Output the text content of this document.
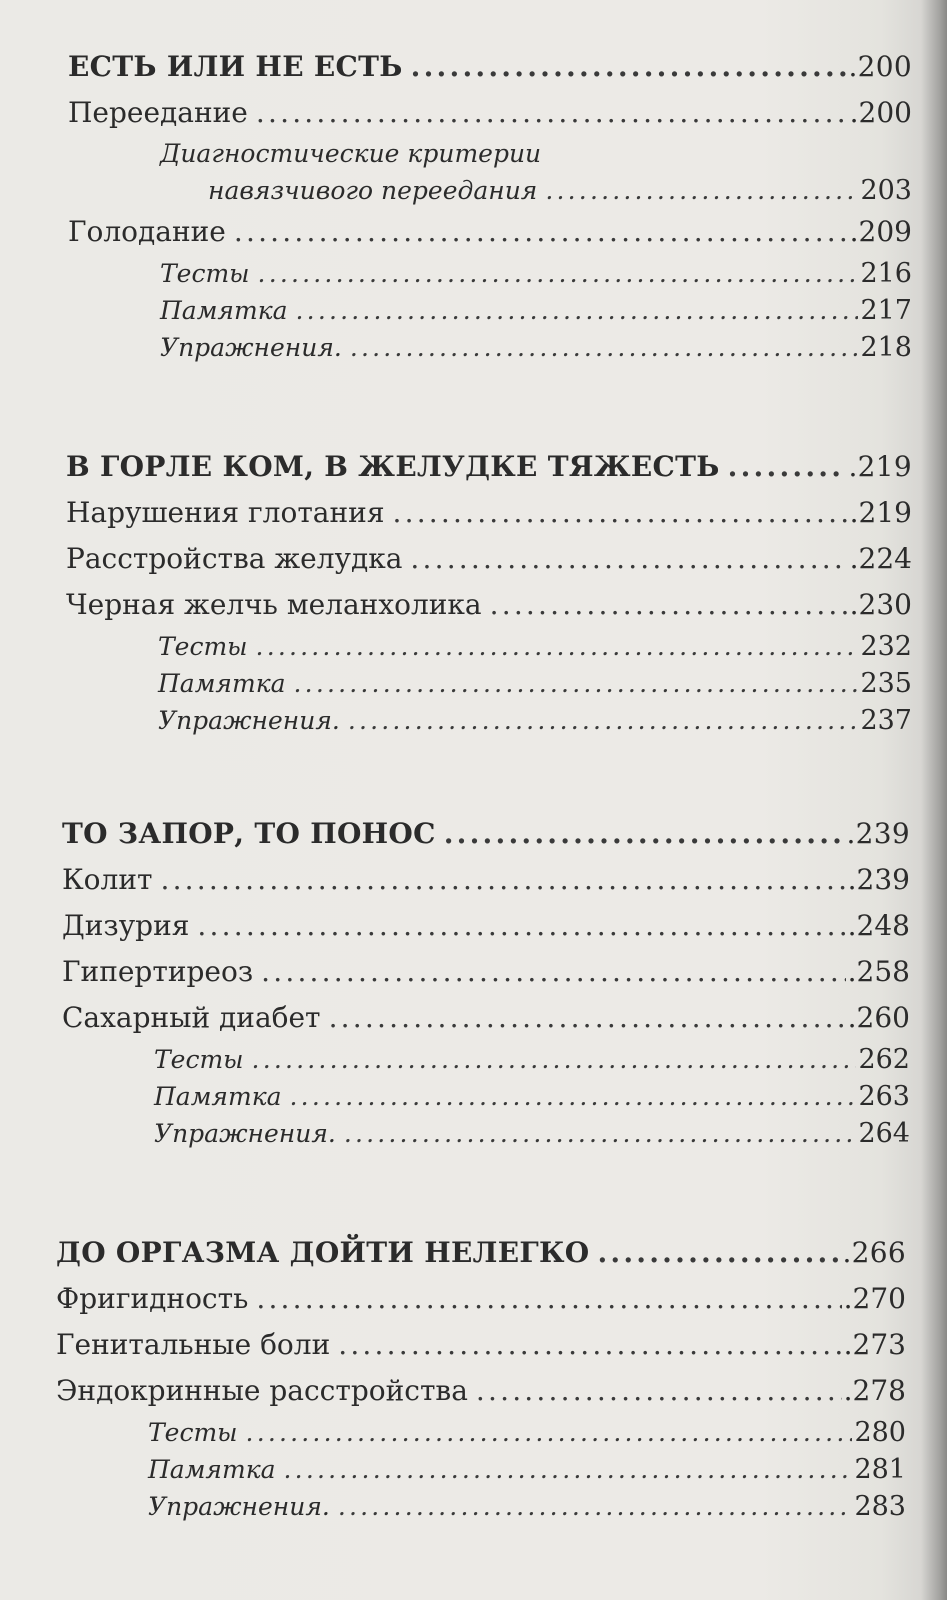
ЕСТЬ ИЛИ НЕ ЕСТЬ .....	.200
Переедание .....	.200
Диагностические критерии
навязчивого переедания .....	203
Голодание .....	.209
Тесты .....	216
Памятка .....	217
Упражнения. .....	218
В ГОРЛЕ КОМ, В ЖЕЛУДКЕ ТЯЖЕСТЬ .....	.219
Нарушения глотания .....	.219
Расстройства желудка .....	.224
Черная желчь меланхолика .....	.230
Тесты .....	232
Памятка .....	235
Упражнения. .....	237
ТО ЗАПОР, ТО ПОНОС .....	.239
Колит .....	.239
Дизурия .....	.248
Гипертиреоз .....	.258
Сахарный диабет .....	.260
Тесты .....	262
Памятка .....	263
Упражнения. .....	264
ДО ОРГАЗМА ДОЙТИ НЕЛЕГКО .....	.266
Фригидность .....	.270
Генитальные боли .....	.273
Эндокринные расстройства .....	.278
Тесты .....	280
Памятка .....	281
Упражнения. .....	283
